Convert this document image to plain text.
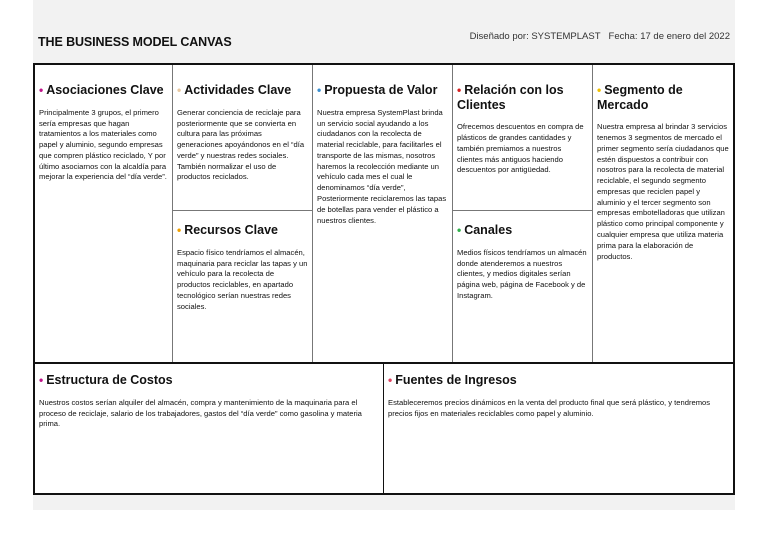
THE BUSINESS MODEL CANVAS	Diseñado por: SYSTEMPLAST Fecha: 17 de enero del 2022
• Asociaciones Clave
Principalmente 3 grupos, el primero sería empresas que hagan tratamientos a los materiales como papel y aluminio, segundo empresas que compren plástico reciclado, Y por último asociarnos con la alcaldía para mejorar la experiencia del “día verde”.
• Actividades Clave
Generar conciencia de reciclaje para posteriormente que se convierta en cultura para las próximas generaciones apoyándonos en el “día verde” y nuestras redes sociales. También normalizar el uso de productos reciclados.
• Recursos Clave
Espacio físico tendríamos el almacén, maquinaria para reciclar las tapas y un vehículo para la recolecta de productos reciclables, en apartado tecnológico serían nuestras redes sociales.
• Propuesta de Valor
Nuestra empresa SystemPlast brinda un servicio social ayudando a los ciudadanos con la recolecta de material reciclable, para facilitarles el transporte de las mismas, nosotros haremos la recolección mediante un vehículo cada mes el cual le denominamos “día verde”, Posteriormente reciclaremos las tapas de botellas para vender el plástico a nuestros clientes.
• Relación con los Clientes
Ofrecemos descuentos en compra de plásticos de grandes cantidades y también premiamos a nuestros clientes más antiguos haciendo descuentos por antigüedad.
• Canales
Medios físicos tendríamos un almacén donde atenderemos a nuestros clientes, y medios digitales serían página web, página de Facebook y de Instagram.
• Segmento de Mercado
Nuestra empresa al brindar 3 servicios tenemos 3 segmentos de mercado el primer segmento sería ciudadanos que estén dispuestos a contribuir con nosotros para la recolecta de material reciclable, el segundo segmento empresas que reciclen papel y aluminio y el tercer segmento son empresas embotelladoras que utilizan plástico como principal componente y cualquier empresa que utiliza materia prima para la elaboración de productos.
• Estructura de Costos
Nuestros costos serían alquiler del almacén, compra y mantenimiento de la maquinaria para el proceso de reciclaje, salario de los trabajadores, gastos del “día verde” como gasolina y materia prima.
• Fuentes de Ingresos
Estableceremos precios dinámicos en la venta del producto final que será plástico, y tendremos precios fijos en materiales reciclables como papel y aluminio.
